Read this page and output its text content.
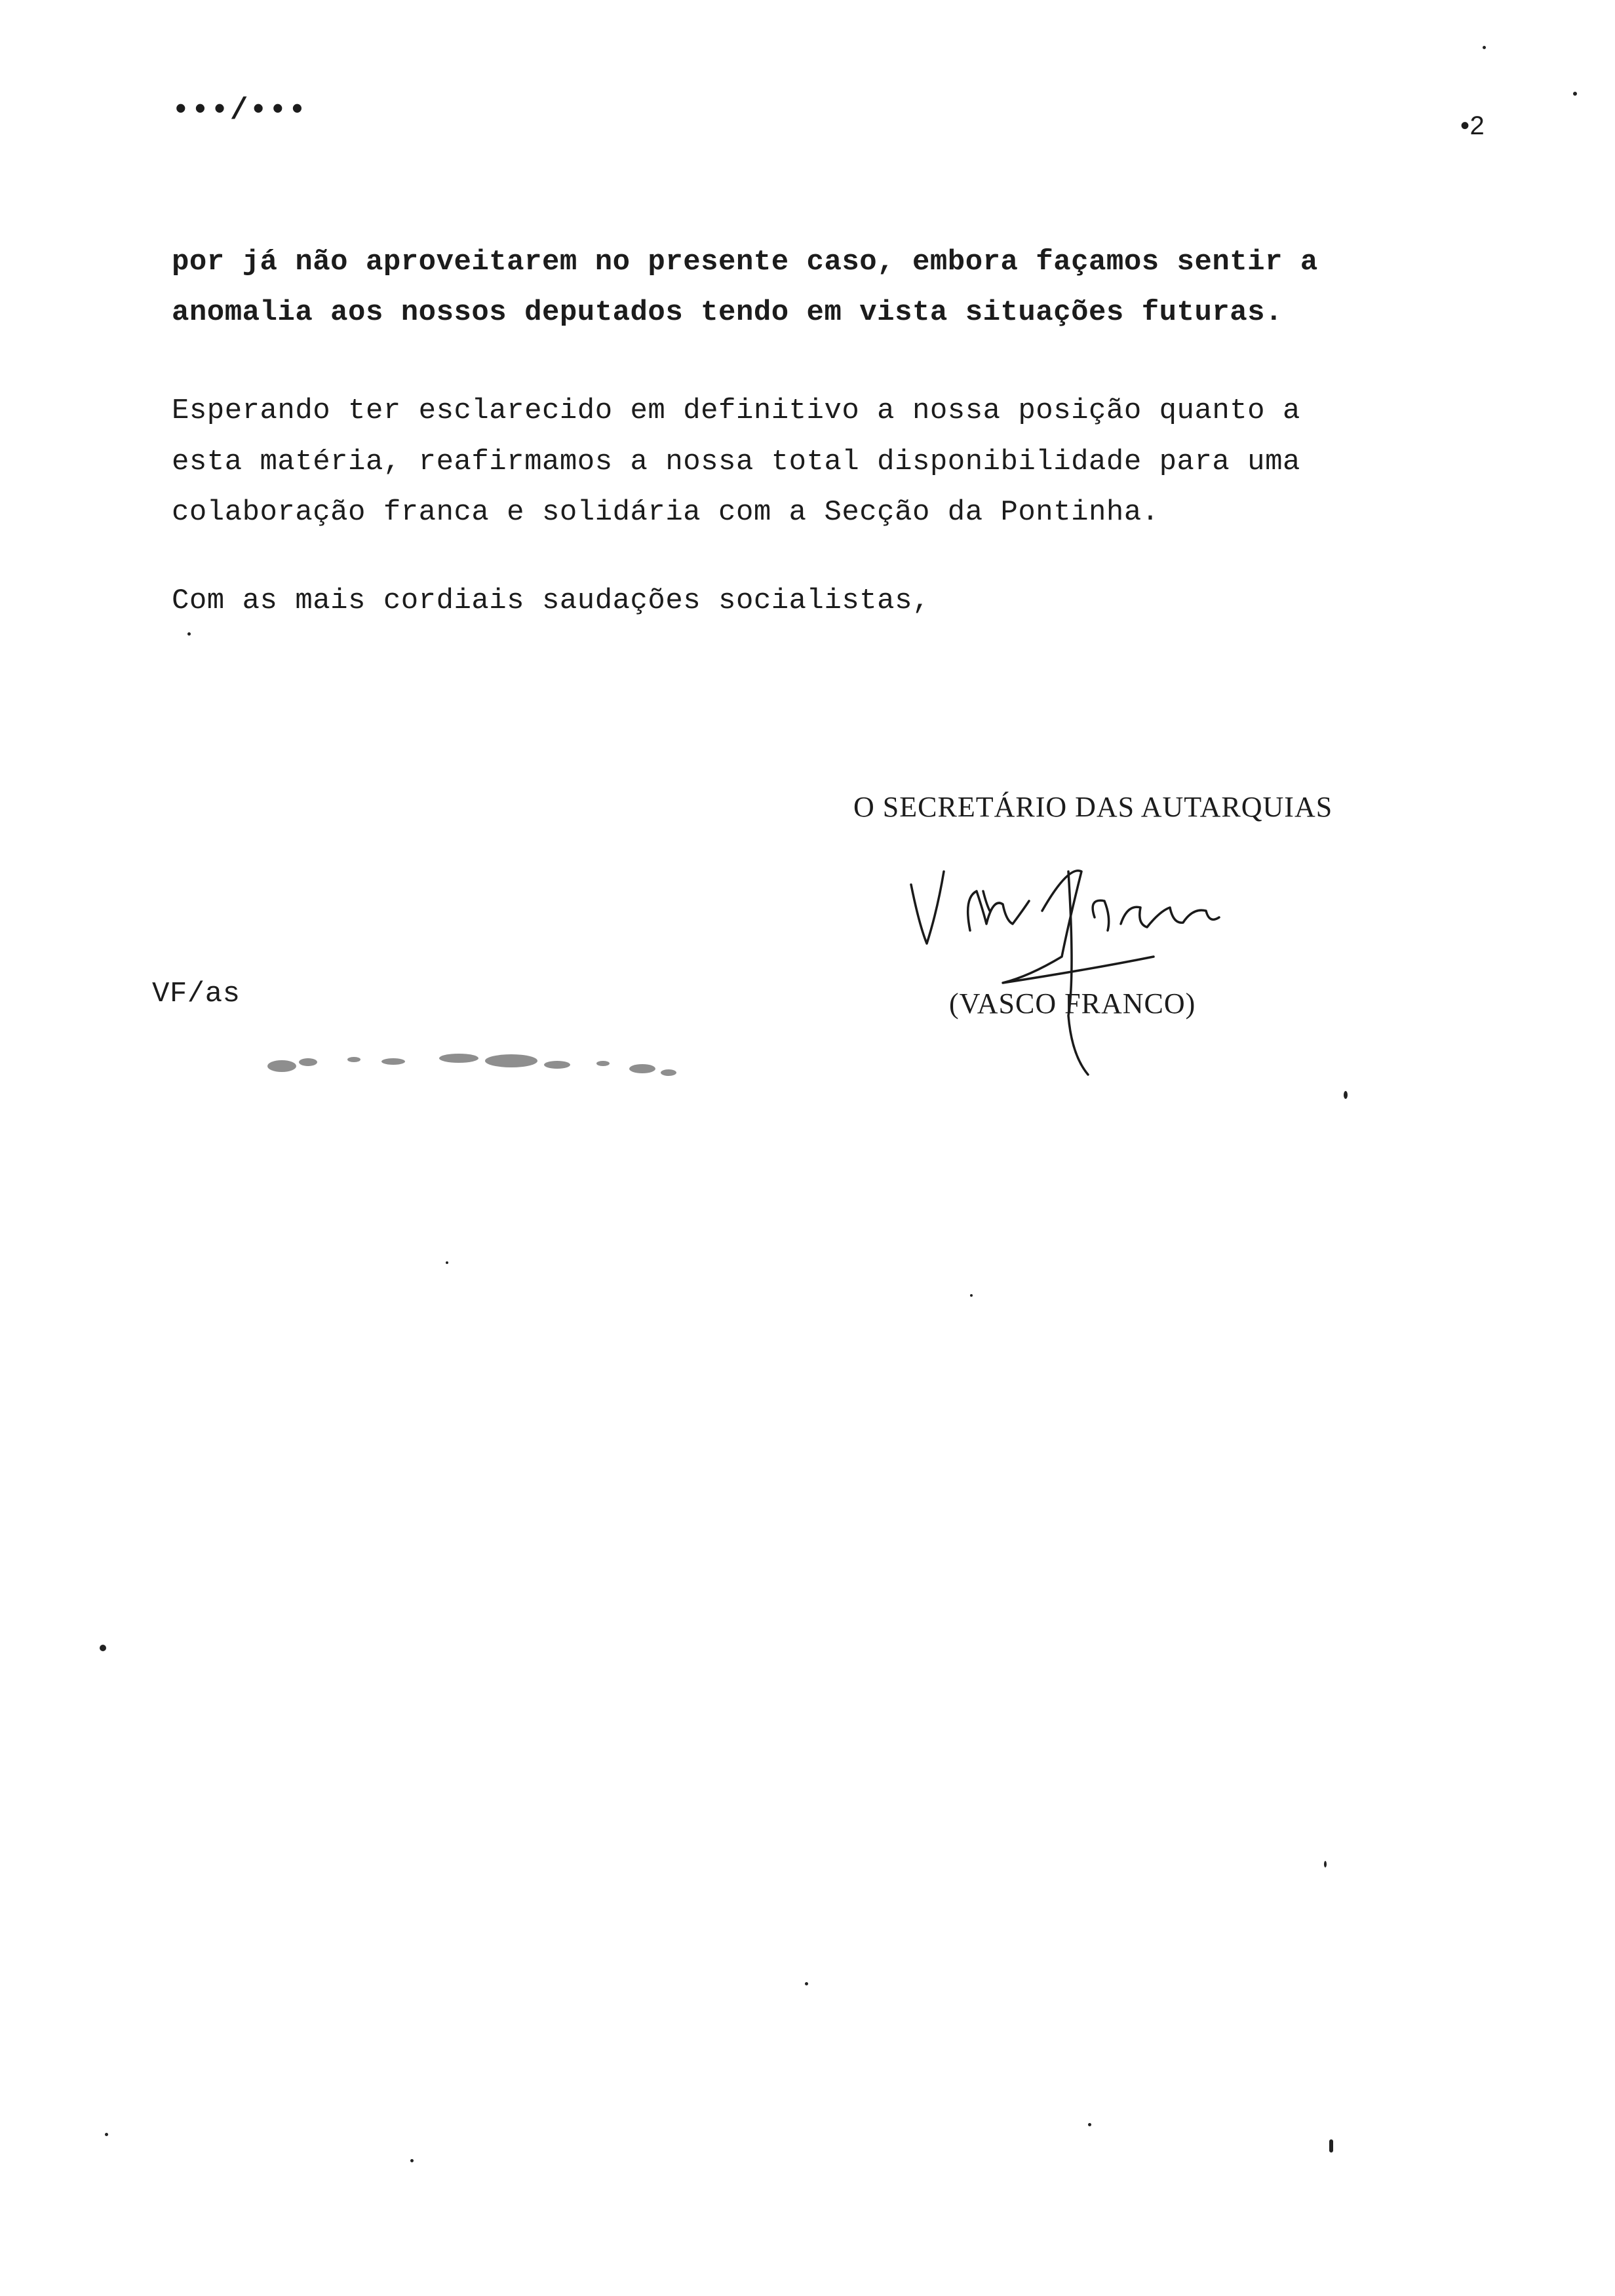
•••/•••	•2
por já não aproveitarem no presente caso, embora façamos sentir a
anomalia aos nossos deputados tendo em vista situações futuras.
Esperando ter esclarecido em definitivo a nossa posição quanto a
esta matéria, reafirmamos a nossa total disponibilidade para uma
colaboração franca e solidária com a Secção da Pontinha.
Com as mais cordiais saudações socialistas,
O SECRETÁRIO DAS AUTARQUIAS
(VASCO FRANCO)
VF/as
